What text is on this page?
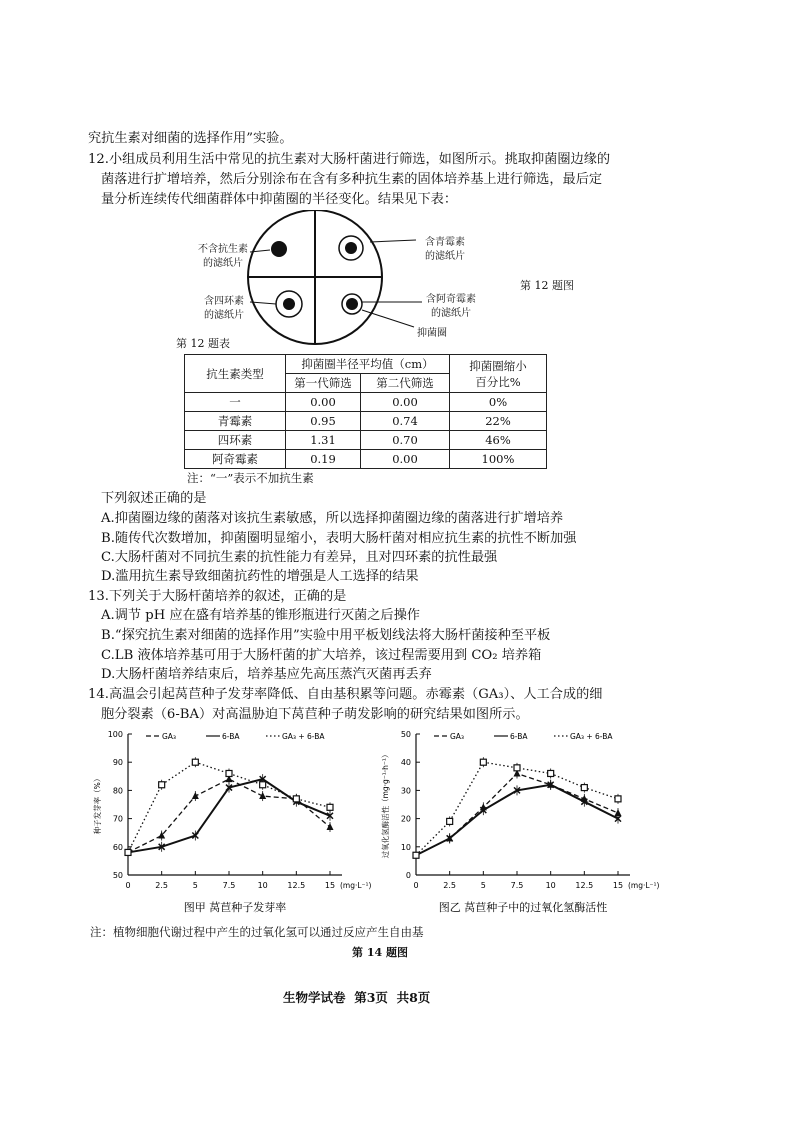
究抗生素对细菌的选择作用”实验。
12.小组成员利用生活中常见的抗生素对大肠杆菌进行筛选，如图所示。挑取抑菌圈边缘的
菌落进行扩增培养，然后分别涂布在含有多种抗生素的固体培养基上进行筛选，最后定
量分析连续传代细菌群体中抑菌圈的半径变化。结果见下表：
不含抗生素
的滤纸片
含青霉素
的滤纸片
含四环素
的滤纸片
含阿奇霉素
的滤纸片
抑菌圈
第 12 题图
第 12 题表
抗生素类型	抑菌圈半径平均值（cm）		抑菌圈缩小
百分比%

	第一代筛选	第二代筛选	
一	0.00	0.00	0%
青霉素	0.95	0.74	22%
四环素	1.31	0.70	46%
阿奇霉素	0.19	0.00	100%
注：“一”表示不加抗生素
下列叙述正确的是
A.抑菌圈边缘的菌落对该抗生素敏感，所以选择抑菌圈边缘的菌落进行扩增培养
B.随传代次数增加，抑菌圈明显缩小，表明大肠杆菌对相应抗生素的抗性不断加强
C.大肠杆菌对不同抗生素的抗性能力有差异，且对四环素的抗性最强
D.滥用抗生素导致细菌抗药性的增强是人工选择的结果
13.下列关于大肠杆菌培养的叙述，正确的是
A.调节 pH 应在盛有培养基的锥形瓶进行灭菌之后操作
B.“探究抗生素对细菌的选择作用”实验中用平板划线法将大肠杆菌接种至平板
C.LB 液体培养基可用于大肠杆菌的扩大培养，该过程需要用到 CO₂ 培养箱
D.大肠杆菌培养结束后，培养基应先高压蒸汽灭菌再丢弃
14.高温会引起莴苣种子发芽率降低、自由基积累等问题。赤霉素（GA₃）、人工合成的细
胞分裂素（6-BA）对高温胁迫下莴苣种子萌发影响的研究结果如图所示。
50
60
70
80
90
100
0	2.5	5	7.5	10 12.5 15 (mg·L⁻¹)
种子发芽率（%）
GA₃	6-BA	GA₃ + 6-BA
图甲 莴苣种子发芽率
0
10
20
30
40
50
0	2.5	5	7.5	10 12.5 15 (mg·L⁻¹)
过氧化氢酶活性（mg·g⁻¹·h⁻¹）
GA₃	6-BA	GA₃ + 6-BA
图乙 莴苣种子中的过氧化氢酶活性
注：植物细胞代谢过程中产生的过氧化氢可以通过反应产生自由基
第 14 题图
生物学试卷  第3页  共8页
